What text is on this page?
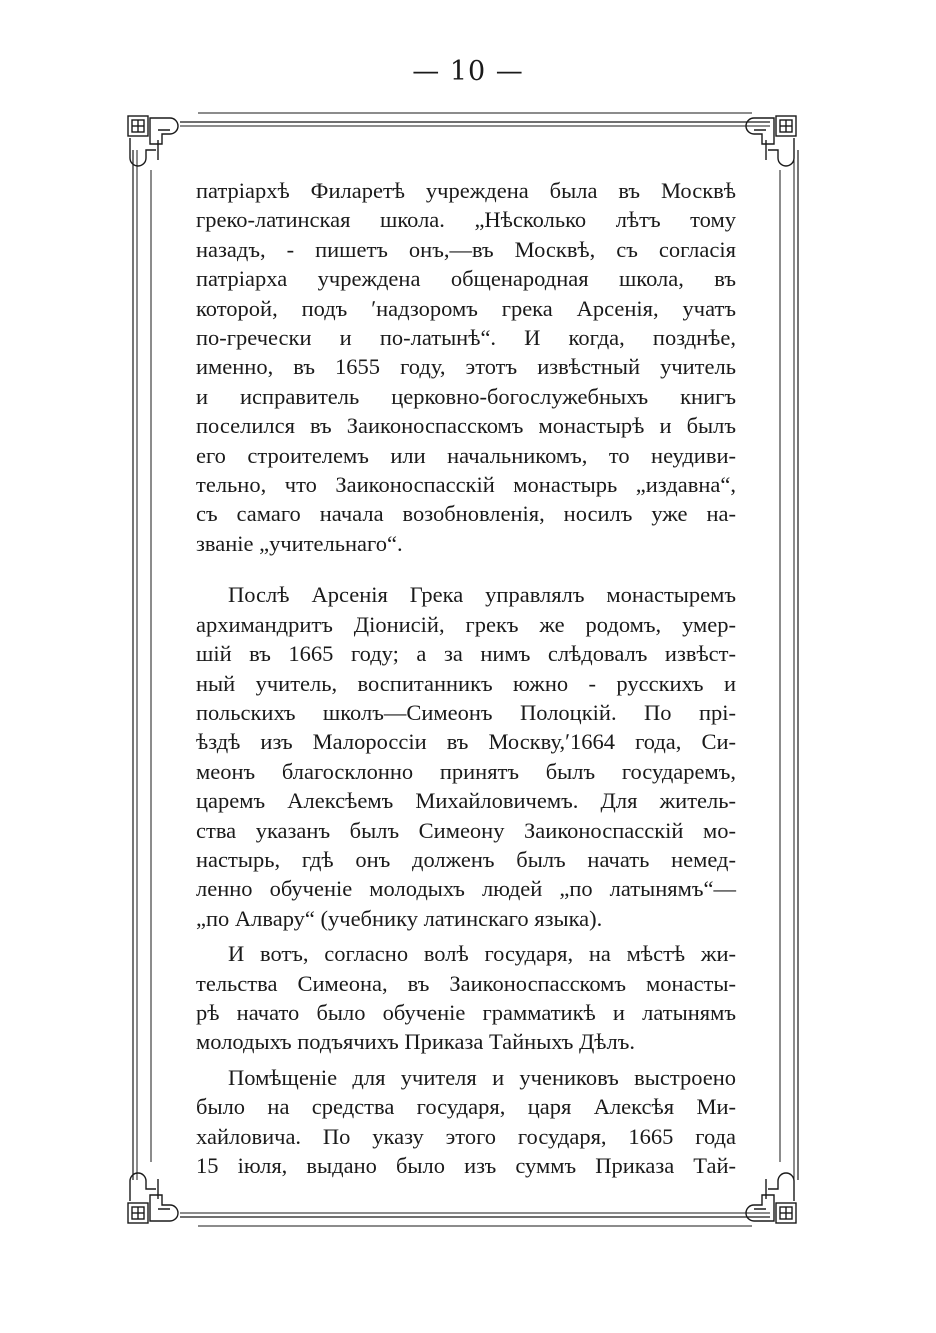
— 10 —
патріархѣ Филаретѣ учреждена была въ Москвѣ
греко-латинская школа. „Нѣсколько лѣтъ тому
назадъ, - пишетъ онъ,—въ Москвѣ, съ согласія
патріарха учреждена общенародная школа, въ
которой, подъ ʹнадзоромъ грека Арсенія, учатъ
по-гречески и по-латынѣ“. И когда, позднѣе,
именно, въ 1655 году, этотъ извѣстный учитель
и исправитель церковно-богослужебныхъ книгъ
поселился въ Заиконоспасскомъ монастырѣ и былъ
его строителемъ или начальникомъ, то неудиви-
тельно, что Заиконоспасскій монастырь „издавна“,
съ самаго начала возобновленія, носилъ уже на-
званіе „учительнаго“.
Послѣ Арсенія Грека управлялъ монастыремъ
архимандритъ Діонисій, грекъ же родомъ, умер-
шій въ 1665 году; а за нимъ слѣдовалъ извѣст-
ный учитель, воспитанникъ южно - русскихъ и
польскихъ школъ—Симеонъ Полоцкій. По прі-
ѣздѣ изъ Малороссіи въ Москву,ʹ1664 года, Си-
меонъ благосклонно принятъ былъ государемъ,
царемъ Алексѣемъ Михайловичемъ. Для житель-
ства указанъ былъ Симеону Заиконоспасскій мо-
настырь, гдѣ онъ долженъ былъ начать немед-
ленно обученіе молодыхъ людей „по латынямъ“—
„по Алвару“ (учебнику латинскаго языка).
И вотъ, согласно волѣ государя, на мѣстѣ жи-
тельства Симеона, въ Заиконоспасскомъ монасты-
рѣ начато было обученіе грамматикѣ и латынямъ
молодыхъ подъячихъ Приказа Тайныхъ Дѣлъ.
Помѣщеніе для учителя и учениковъ выстроено
было на средства государя, царя Алексѣя Ми-
хайловича. По указу этого государя, 1665 года
15 іюля, выдано было изъ суммъ Приказа Тай-
